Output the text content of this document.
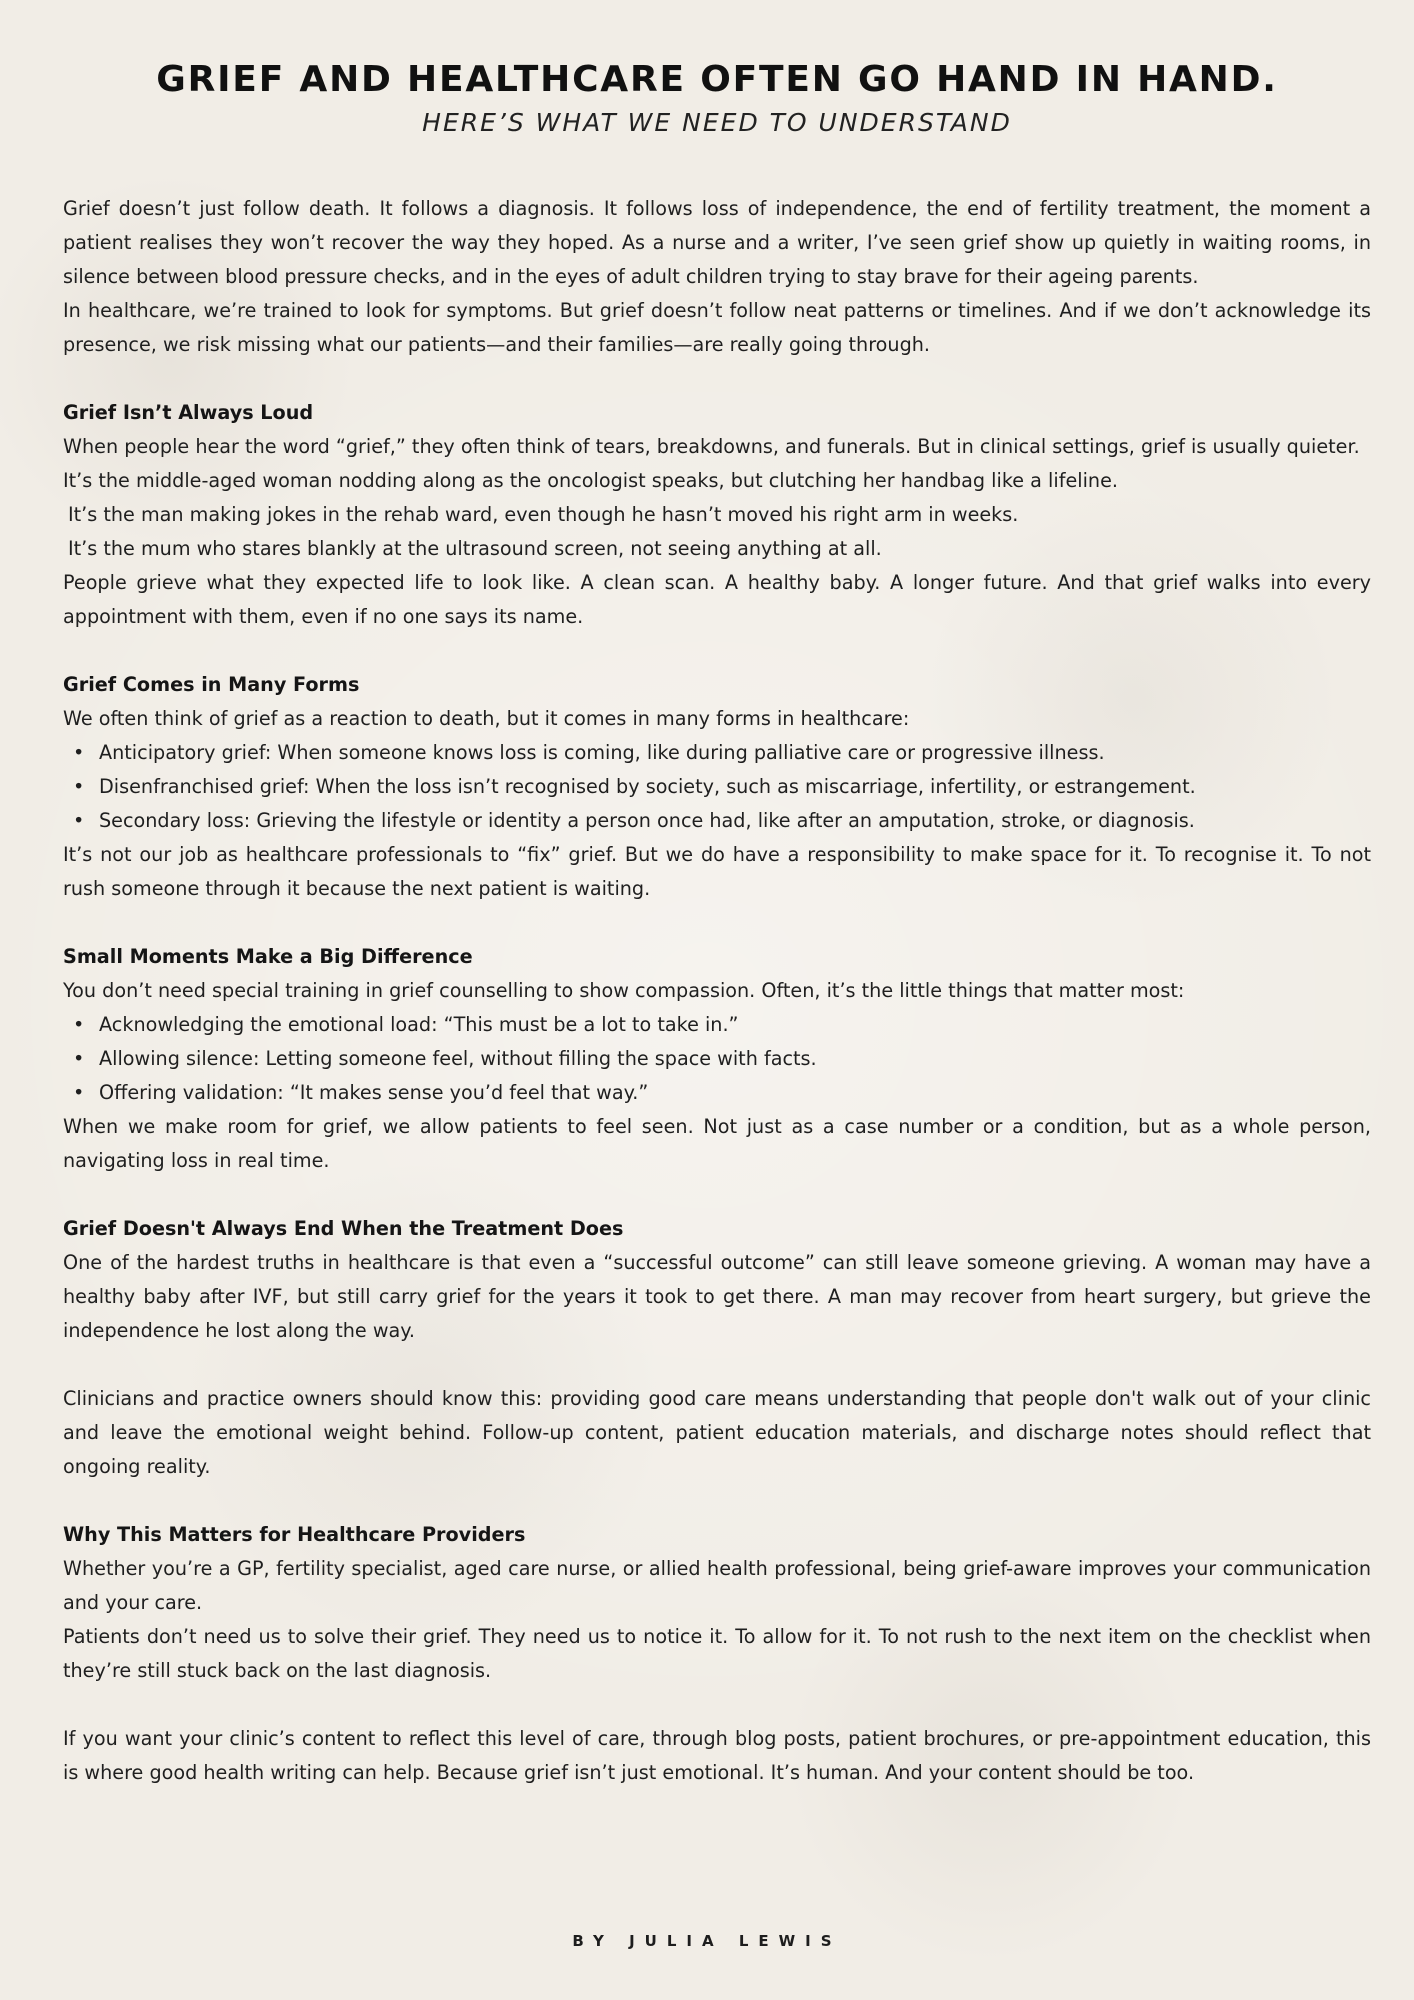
GRIEF AND HEALTHCARE OFTEN GO HAND IN HAND.
HERE’S WHAT WE NEED TO UNDERSTAND

Grief doesn’t just follow death. It follows a diagnosis. It follows loss of independence, the end of fertility treatment, the moment a patient realises they won’t recover the way they hoped. As a nurse and a writer, I’ve seen grief show up quietly in waiting rooms, in silence between blood pressure checks, and in the eyes of adult children trying to stay brave for their ageing parents.

In healthcare, we’re trained to look for symptoms. But grief doesn’t follow neat patterns or timelines. And if we don’t acknowledge its presence, we risk missing what our patients—and their families—are really going through.

Grief Isn’t Always Loud

When people hear the word “grief,” they often think of tears, breakdowns, and funerals. But in clinical settings, grief is usually quieter.

It’s the middle-aged woman nodding along as the oncologist speaks, but clutching her handbag like a lifeline.

It’s the man making jokes in the rehab ward, even though he hasn’t moved his right arm in weeks.

It’s the mum who stares blankly at the ultrasound screen, not seeing anything at all.

People grieve what they expected life to look like. A clean scan. A healthy baby. A longer future. And that grief walks into every appointment with them, even if no one says its name.

Grief Comes in Many Forms

We often think of grief as a reaction to death, but it comes in many forms in healthcare:

• Anticipatory grief: When someone knows loss is coming, like during palliative care or progressive illness.
• Disenfranchised grief: When the loss isn’t recognised by society, such as miscarriage, infertility, or estrangement.
• Secondary loss: Grieving the lifestyle or identity a person once had, like after an amputation, stroke, or diagnosis.

It’s not our job as healthcare professionals to “fix” grief. But we do have a responsibility to make space for it. To recognise it. To not rush someone through it because the next patient is waiting.

Small Moments Make a Big Difference

You don’t need special training in grief counselling to show compassion. Often, it’s the little things that matter most:

• Acknowledging the emotional load: “This must be a lot to take in.”
• Allowing silence: Letting someone feel, without filling the space with facts.
• Offering validation: “It makes sense you’d feel that way.”

When we make room for grief, we allow patients to feel seen. Not just as a case number or a condition, but as a whole person, navigating loss in real time.

Grief Doesn't Always End When the Treatment Does

One of the hardest truths in healthcare is that even a “successful outcome” can still leave someone grieving. A woman may have a healthy baby after IVF, but still carry grief for the years it took to get there. A man may recover from heart surgery, but grieve the independence he lost along the way.

Clinicians and practice owners should know this: providing good care means understanding that people don't walk out of your clinic and leave the emotional weight behind. Follow-up content, patient education materials, and discharge notes should reflect that ongoing reality.

Why This Matters for Healthcare Providers

Whether you’re a GP, fertility specialist, aged care nurse, or allied health professional, being grief-aware improves your communication and your care.

Patients don’t need us to solve their grief. They need us to notice it. To allow for it. To not rush to the next item on the checklist when they’re still stuck back on the last diagnosis.

If you want your clinic’s content to reflect this level of care, through blog posts, patient brochures, or pre-appointment education, this is where good health writing can help. Because grief isn’t just emotional. It’s human. And your content should be too.

BY JULIA LEWIS
